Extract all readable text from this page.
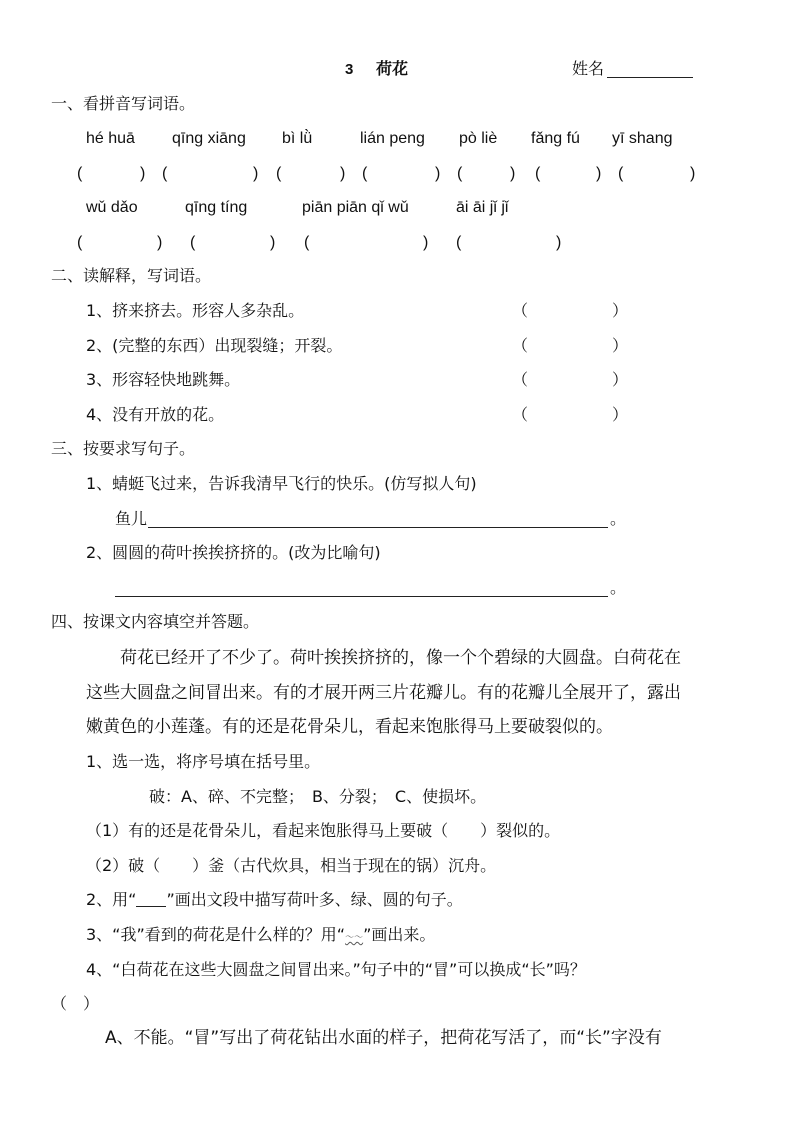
3 荷花	姓名
一、看拼音写词语。
hé huā qīng xiāng bì lǜ	lián peng pò liè fǎng fú yī shang
(	) (	) (	) (	) (	) (	) (	)
wǔ dǎo	qīng tíng	piān piān qǐ wǔ	āi āi jǐ jǐ
(	) (	) (	) (	)
二、读解释，写词语。
1、挤来挤去。形容人多杂乱。	（	）
2、(完整的东西）出现裂缝；开裂。	（	）
3、形容轻快地跳舞。	（	）
4、没有开放的花。	（	）
三、按要求写句子。
1、蜻蜓飞过来，告诉我清早飞行的快乐。(仿写拟人句)
鱼儿	。
2、圆圆的荷叶挨挨挤挤的。(改为比喻句)
。
四、按课文内容填空并答题。
荷花已经开了不少了。荷叶挨挨挤挤的，像一个个碧绿的大圆盘。白荷花在
这些大圆盘之间冒出来。有的才展开两三片花瓣儿。有的花瓣儿全展开了，露出
嫩黄色的小莲蓬。有的还是花骨朵儿，看起来饱胀得马上要破裂似的。
1、选一选，将序号填在括号里。
破：A、碎、不完整；　B、分裂；　C、使损坏。
（1）有的还是花骨朵儿，看起来饱胀得马上要破（　　）裂似的。
（2）破（　　）釜（古代炊具，相当于现在的锅）沉舟。
2、用“ ”画出文段中描写荷叶多、绿、圆的句子。
3、“我”看到的荷花是什么样的？用“～～”画出来。
4、“白荷花在这些大圆盘之间冒出来。”句子中的“冒”可以换成“长”吗？
（　）
A、不能。“冒”写出了荷花钻出水面的样子，把荷花写活了，而“长”字没有
